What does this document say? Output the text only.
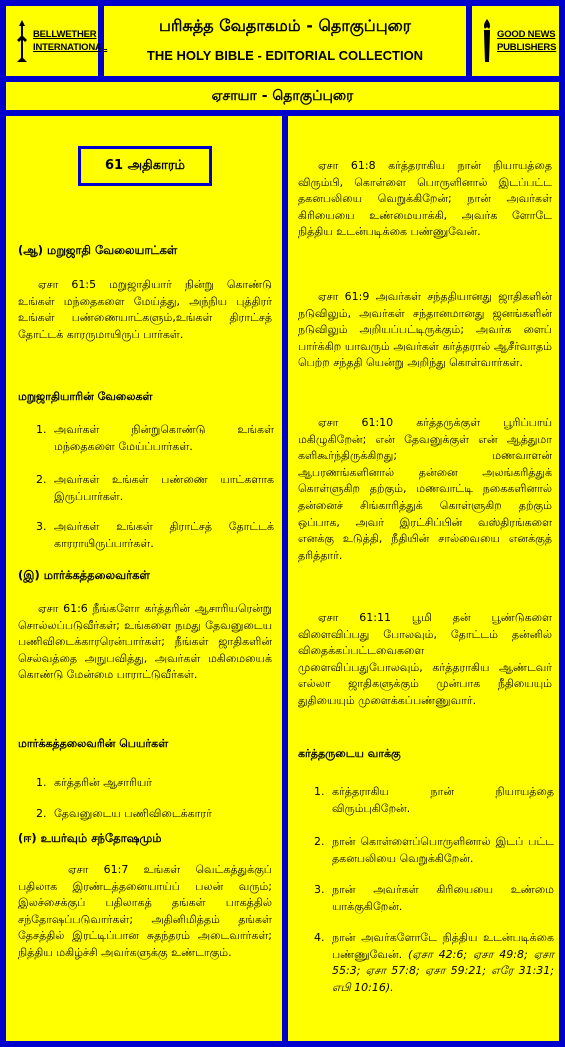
BELLWETHER
INTERNATIONAL
பரிசுத்த வேதாகமம் - தொகுப்புரை
THE HOLY BIBLE - EDITORIAL COLLECTION
GOOD NEWS
PUBLISHERS
ஏசாயா - தொகுப்புரை
61 அதிகாரம்
(ஆ) மறுஜாதி வேலையாட்கள்
ஏசா 61:5 மறுஜாதியார் நின்று கொண்டு உங்கள் மந்தைகளை மேய்த்து, அந்நிய புத்திரர் உங்கள் பண்ணையாட்களும்,உங்கள் திராட்சத் தோட்டக் காரருமாயிருப் பார்கள்.
மறுஜாதியாரின் வேலைகள்
1. அவர்கள் நின்றுகொண்டு உங்கள் மந்தைகளை மேய்ப்பார்கள்.
2. அவர்கள் உங்கள் பண்ணை யாட்களாக இருப்பார்கள்.
3. அவர்கள் உங்கள் திராட்சத் தோட்டக் காரராயிருப்பார்கள்.
(இ) மார்க்கத்தலைவர்கள்
ஏசா 61:6 நீங்களோ கர்த்தரின் ஆசாரியரென்று சொல்லப்படுவீர்கள்; உங்களை நமது தேவனுடைய பணிவிடைக்காரரென்பார்கள்; நீங்கள் ஜாதிகளின் செல்வத்தை அநுபவித்து, அவர்கள் மகிமையைக் கொண்டு மேன்மை பாராட்டுவீர்கள்.
மார்க்கத்தலைவரின் பெயர்கள்
1. கர்த்தரின் ஆசாரியர்
2. தேவனுடைய பணிவிடைக்காரர்
(ஈ) உயர்வும் சந்தோஷமும்
ஏசா 61:7 உங்கள் வெட்கத்துக்குப் பதிலாக இரண்டத்தனையாய்ப் பலன் வரும்; இலச்சைக்குப் பதிலாகத் தங்கள் பாகத்தில் சந்தோஷப்படுவார்கள்; அதினிமித்தம் தங்கள் தேசத்தில் இரட்டிப்பான சுதந்தரம் அடைவார்கள்; நித்திய மகிழ்ச்சி அவர்களுக்கு உண்டாகும்.
ஏசா 61:8 கர்த்தராகிய நான் நியாயத்தை விரும்பி, கொள்ளை பொருளினால் இடப்பட்ட தகனபலியை வெறுக்கிறேன்; நான் அவர்கள் கிரியையை உண்மையாக்கி, அவர்க ளோடே நித்திய உடன்படிக்கை பண்ணுவேன்.
ஏசா 61:9 அவர்கள் சந்ததியானது ஜாதிகளின் நடுவிலும், அவர்கள் சந்தானமானது ஜனங்களின் நடுவிலும் அறியப்பட்டிருக்கும்; அவர்க ளைப் பார்க்கிற யாவரும் அவர்கள் கர்த்தரால் ஆசீர்வாதம் பெற்ற சந்ததி யென்று அறிந்து கொள்வார்கள்.
ஏசா 61:10 கர்த்தருக்குள் பூரிப்பாய் மகிழுகிறேன்; என் தேவனுக்குள் என் ஆத்துமா களிகூர்ந்திருக்கிறது; மணவாளன் ஆபரணங்களினால் தன்னை அலங்கரித்துக் கொள்ளுகிற தற்கும், மணவாட்டி நகைகளினால் தன்னைச் சிங்காரித்துக் கொள்ளுகிற தற்கும் ஒப்பாக, அவர் இரட்சிப்பின் வஸ்திரங்களை எனக்கு உடுத்தி, நீதியின் சால்வையை எனக்குத் தரித்தார்.
ஏசா 61:11 பூமி தன் பூண்டுகளை விளைவிப்பது போலவும், தோட்டம் தன்னில் விதைக்கப்பட்டவைகளை முளைவிப்பதுபோலவும், கர்த்தராகிய ஆண்டவர் எல்லா ஜாதிகளுக்கும் முன்பாக நீதியையும் துதியையும் முளைக்கப்பண்ணுவார்.
கர்த்தருடைய வாக்கு
1. கர்த்தராகிய நான் நியாயத்தை விரும்புகிறேன்.
2. நான் கொள்ளைப்பொருளினால் இடப் பட்ட தகனபலியை வெறுக்கிறேன்.
3. நான் அவர்கள் கிரியையை உண்மை யாக்குகிறேன்.
4. நான் அவர்களோடே நித்திய உடன்படிக்கை பண்ணுவேன். (ஏசா 42:6; ஏசா 49:8; ஏசா 55:3; ஏசா 57:8; ஏசா 59:21; எரே 31:31; எபி 10:16).
